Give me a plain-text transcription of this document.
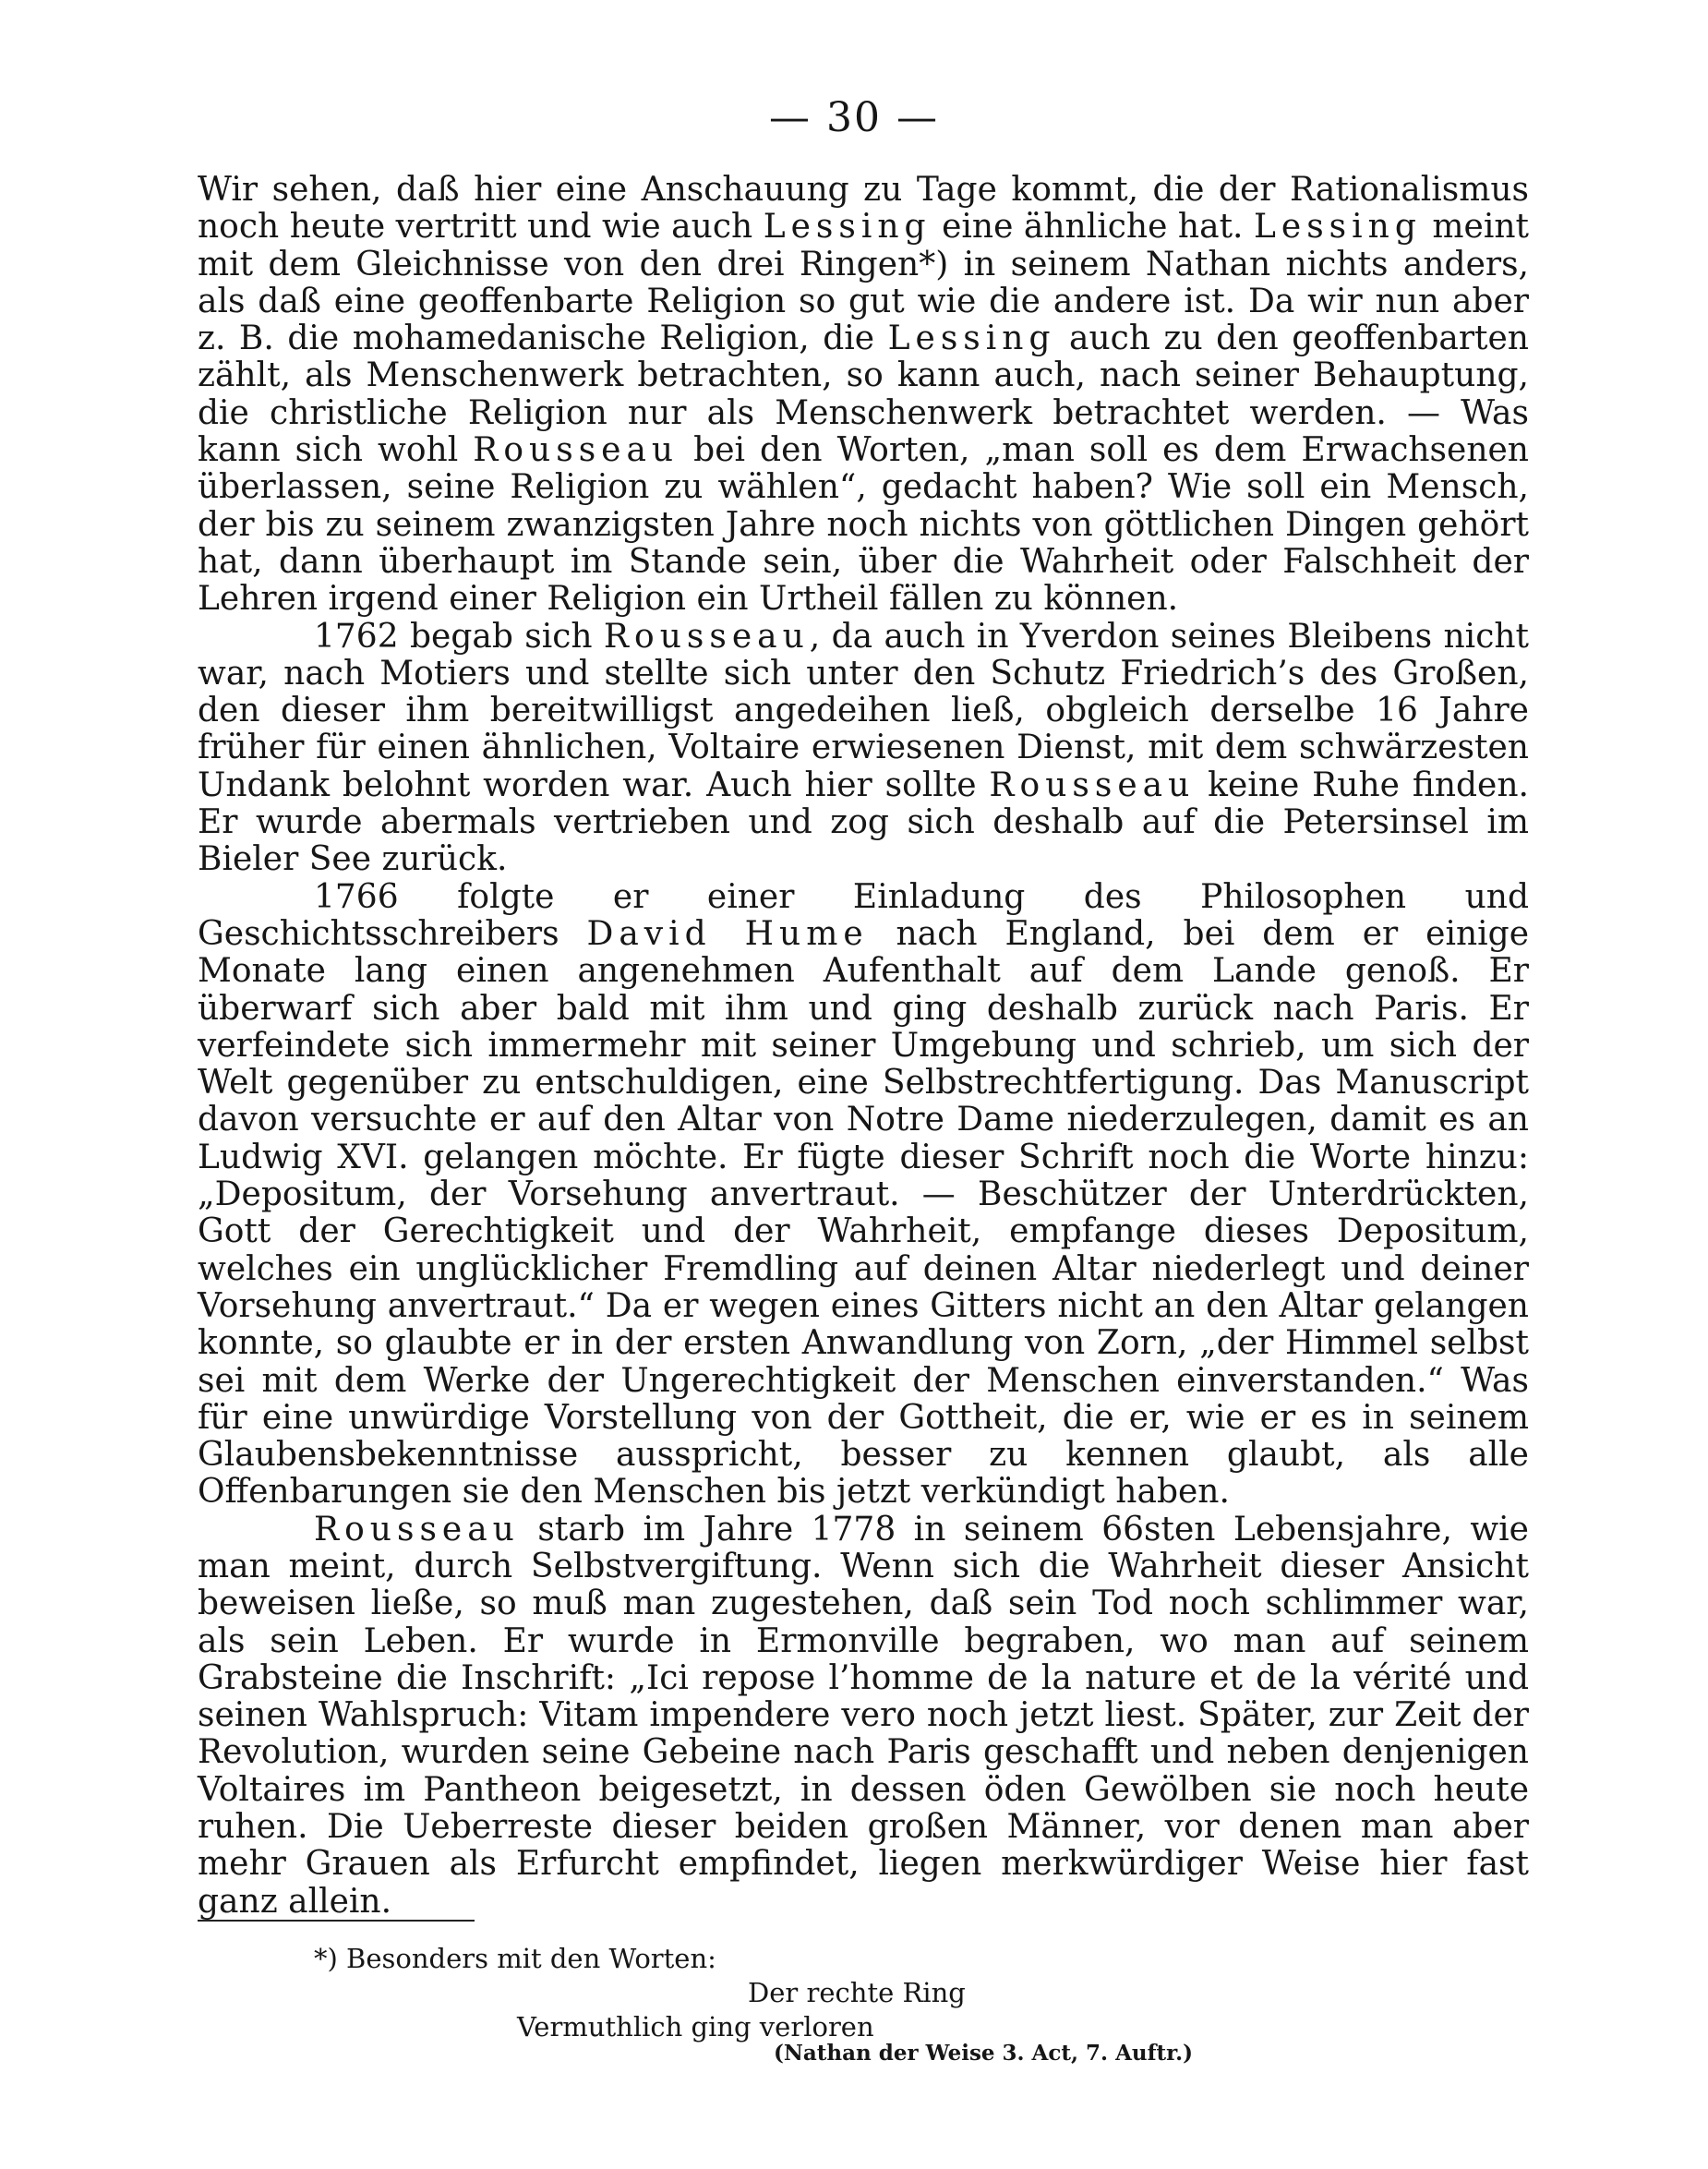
— 30 —

Wir sehen, daß hier eine Anschauung zu Tage kommt, die der Rationalismus noch heute vertritt und wie auch Lessing eine ähnliche hat. Lessing meint mit dem Gleichnisse von den drei Ringen*) in seinem Nathan nichts anders, als daß eine geoffenbarte Religion so gut wie die andere ist. Da wir nun aber z. B. die mohamedanische Religion, die Lessing auch zu den geoffenbarten zählt, als Menschenwerk betrachten, so kann auch, nach seiner Behauptung, die christliche Religion nur als Menschenwerk betrachtet werden. — Was kann sich wohl Rousseau bei den Worten, „man soll es dem Erwachsenen überlassen, seine Religion zu wählen“, gedacht haben? Wie soll ein Mensch, der bis zu seinem zwanzigsten Jahre noch nichts von göttlichen Dingen gehört hat, dann überhaupt im Stande sein, über die Wahrheit oder Falschheit der Lehren irgend einer Religion ein Urtheil fällen zu können.

1762 begab sich Rousseau, da auch in Yverdon seines Bleibens nicht war, nach Motiers und stellte sich unter den Schutz Friedrich’s des Großen, den dieser ihm bereitwilligst angedeihen ließ, obgleich derselbe 16 Jahre früher für einen ähnlichen, Voltaire erwiesenen Dienst, mit dem schwärzesten Undank belohnt worden war. Auch hier sollte Rousseau keine Ruhe finden. Er wurde abermals vertrieben und zog sich deshalb auf die Petersinsel im Bieler See zurück.

1766 folgte er einer Einladung des Philosophen und Geschichtsschreibers David Hume nach England, bei dem er einige Monate lang einen angenehmen Aufenthalt auf dem Lande genoß. Er überwarf sich aber bald mit ihm und ging deshalb zurück nach Paris. Er verfeindete sich immermehr mit seiner Umgebung und schrieb, um sich der Welt gegenüber zu entschuldigen, eine Selbstrechtfertigung. Das Manuscript davon versuchte er auf den Altar von Notre Dame niederzulegen, damit es an Ludwig XVI. gelangen möchte. Er fügte dieser Schrift noch die Worte hinzu: „Depositum, der Vorsehung anvertraut. — Beschützer der Unterdrückten, Gott der Gerechtigkeit und der Wahrheit, empfange dieses Depositum, welches ein unglücklicher Fremdling auf deinen Altar niederlegt und deiner Vorsehung anvertraut.“ Da er wegen eines Gitters nicht an den Altar gelangen konnte, so glaubte er in der ersten Anwandlung von Zorn, „der Himmel selbst sei mit dem Werke der Ungerechtigkeit der Menschen einverstanden.“ Was für eine unwürdige Vorstellung von der Gottheit, die er, wie er es in seinem Glaubensbekenntnisse ausspricht, besser zu kennen glaubt, als alle Offenbarungen sie den Menschen bis jetzt verkündigt haben.

Rousseau starb im Jahre 1778 in seinem 66sten Lebensjahre, wie man meint, durch Selbstvergiftung. Wenn sich die Wahrheit dieser Ansicht beweisen ließe, so muß man zugestehen, daß sein Tod noch schlimmer war, als sein Leben. Er wurde in Ermonville begraben, wo man auf seinem Grabsteine die Inschrift: „Ici repose l’homme de la nature et de la vérité und seinen Wahlspruch: Vitam impendere vero noch jetzt liest. Später, zur Zeit der Revolution, wurden seine Gebeine nach Paris geschafft und neben denjenigen Voltaires im Pantheon beigesetzt, in dessen öden Gewölben sie noch heute ruhen. Die Ueberreste dieser beiden großen Männer, vor denen man aber mehr Grauen als Erfurcht empfindet, liegen merkwürdiger Weise hier fast ganz allein.

*) Besonders mit den Worten:
Der rechte Ring
Vermuthlich ging verloren
(Nathan der Weise 3. Act, 7. Auftr.)
